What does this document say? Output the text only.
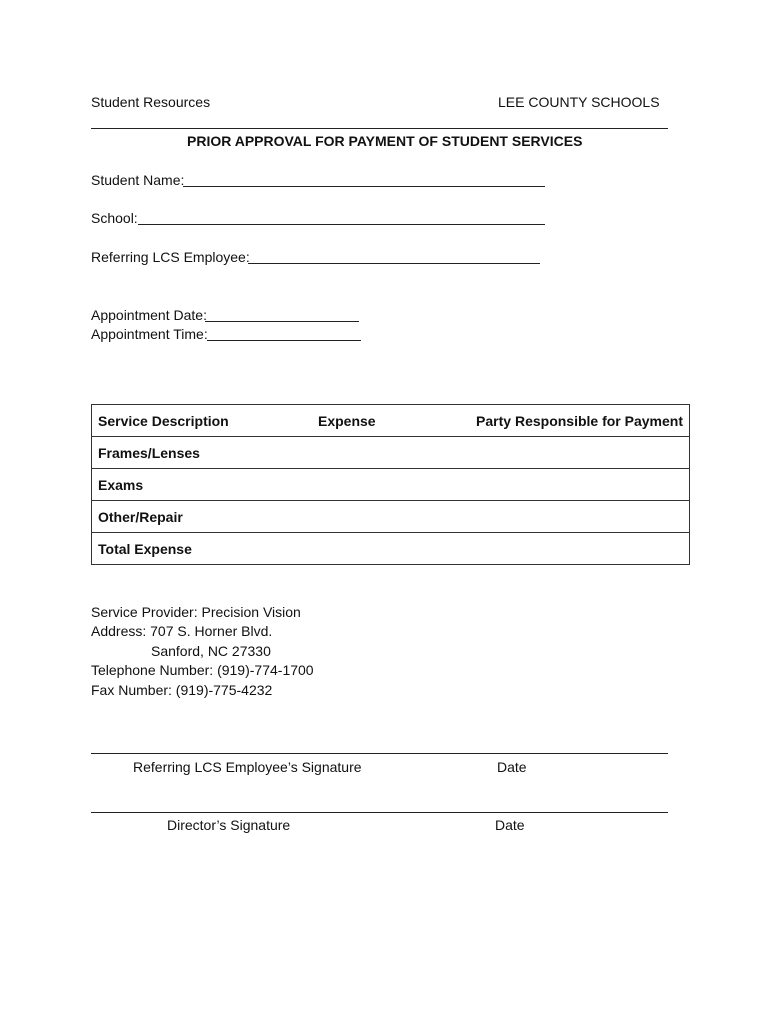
Student Resources	LEE COUNTY SCHOOLS
PRIOR APPROVAL FOR PAYMENT OF STUDENT SERVICES
Student Name:
School:
Referring LCS Employee:
Appointment Date:
Appointment Time:
Service Description	Expense	Party Responsible for Payment
Frames/Lenses		
Exams		
Other/Repair		
Total Expense		
Service Provider: Precision Vision
Address: 707 S. Horner Blvd.
Sanford, NC 27330
Telephone Number: (919)-774-1700
Fax Number: (919)-775-4232
Referring LCS Employee’s Signature	Date
Director’s Signature	Date
